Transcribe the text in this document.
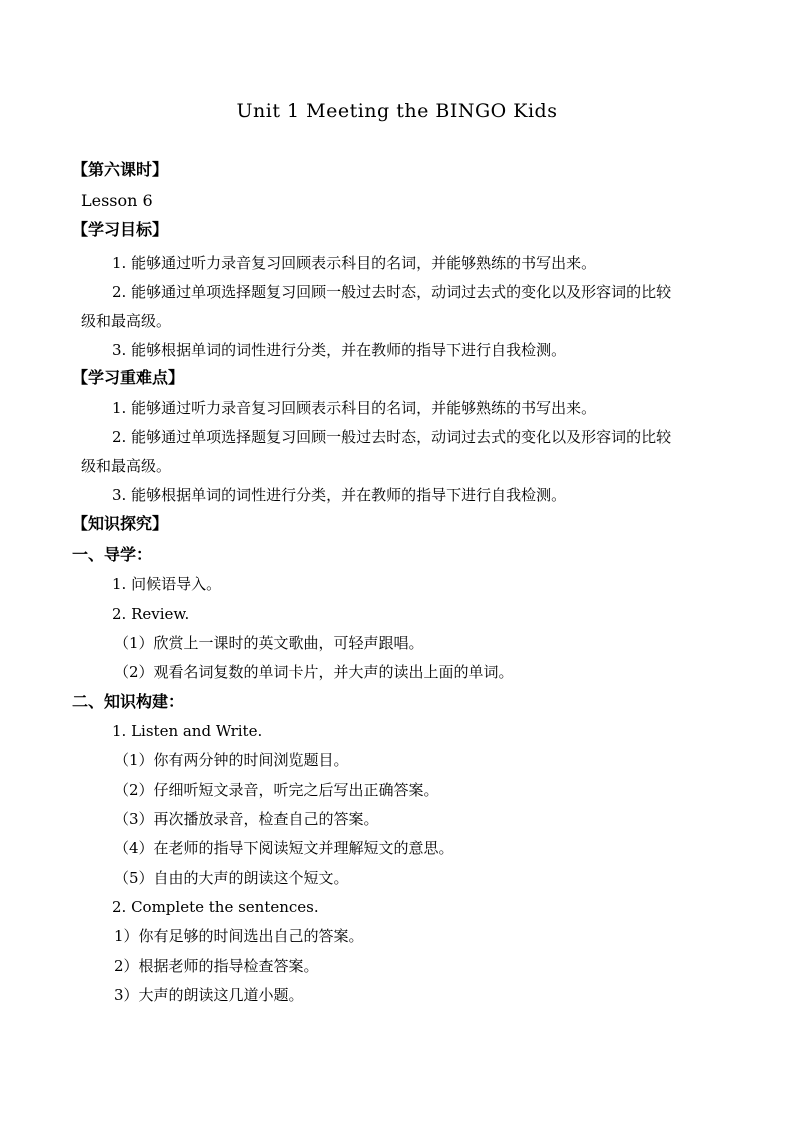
Unit 1 Meeting the BINGO Kids
【第六课时】
Lesson 6
【学习目标】
1. 能够通过听力录音复习回顾表示科目的名词，并能够熟练的书写出来。
2. 能够通过单项选择题复习回顾一般过去时态，动词过去式的变化以及形容词的比较
级和最高级。
3. 能够根据单词的词性进行分类，并在教师的指导下进行自我检测。
【学习重难点】
1. 能够通过听力录音复习回顾表示科目的名词，并能够熟练的书写出来。
2. 能够通过单项选择题复习回顾一般过去时态，动词过去式的变化以及形容词的比较
级和最高级。
3. 能够根据单词的词性进行分类，并在教师的指导下进行自我检测。
【知识探究】
一、导学：
1. 问候语导入。
2. Review.
（1）欣赏上一课时的英文歌曲，可轻声跟唱。
（2）观看名词复数的单词卡片，并大声的读出上面的单词。
二、知识构建：
1. Listen and Write.
（1）你有两分钟的时间浏览题目。
（2）仔细听短文录音，听完之后写出正确答案。
（3）再次播放录音，检查自己的答案。
（4）在老师的指导下阅读短文并理解短文的意思。
（5）自由的大声的朗读这个短文。
2. Complete the sentences.
1）你有足够的时间选出自己的答案。
2）根据老师的指导检查答案。
3）大声的朗读这几道小题。
